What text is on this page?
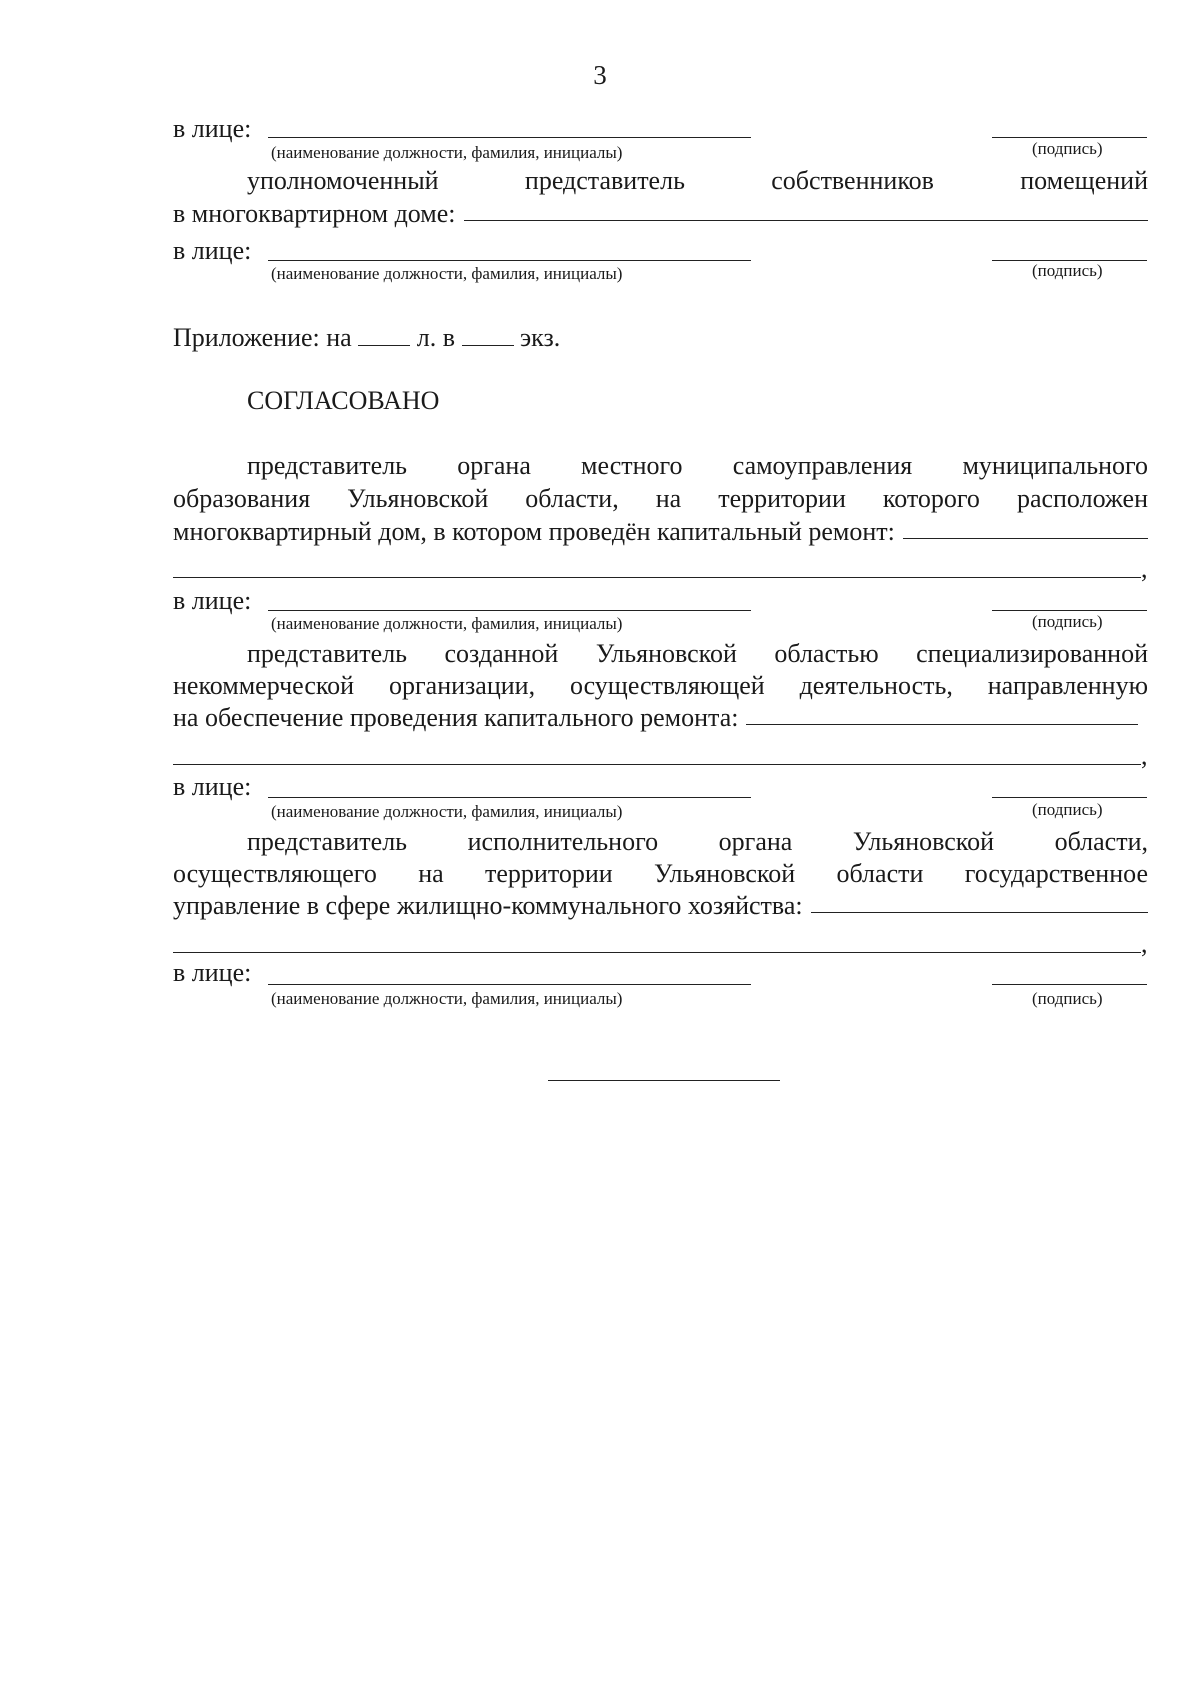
3
в лице:
(наименование должности, фамилия, инициалы)	(подпись)
уполномоченный	представитель	собственников	помещений
в многоквартирном доме:
в лице:
(наименование должности, фамилия, инициалы)	(подпись)
Приложение: на	л. в	экз.
СОГЛАСОВАНО
представитель органа местного самоуправления муниципального
образования Ульяновской области, на территории которого расположен
многоквартирный дом, в котором проведён капитальный ремонт:
,
в лице:
(наименование должности, фамилия, инициалы)	(подпись)
представитель созданной Ульяновской областью специализированной
некоммерческой организации, осуществляющей деятельность, направленную
на обеспечение проведения капитального ремонта:
,
в лице:
(наименование должности, фамилия, инициалы)	(подпись)
представитель исполнительного органа Ульяновской области,
осуществляющего на территории Ульяновской области государственное
управление в сфере жилищно-коммунального хозяйства:
,
в лице:
(наименование должности, фамилия, инициалы)	(подпись)
